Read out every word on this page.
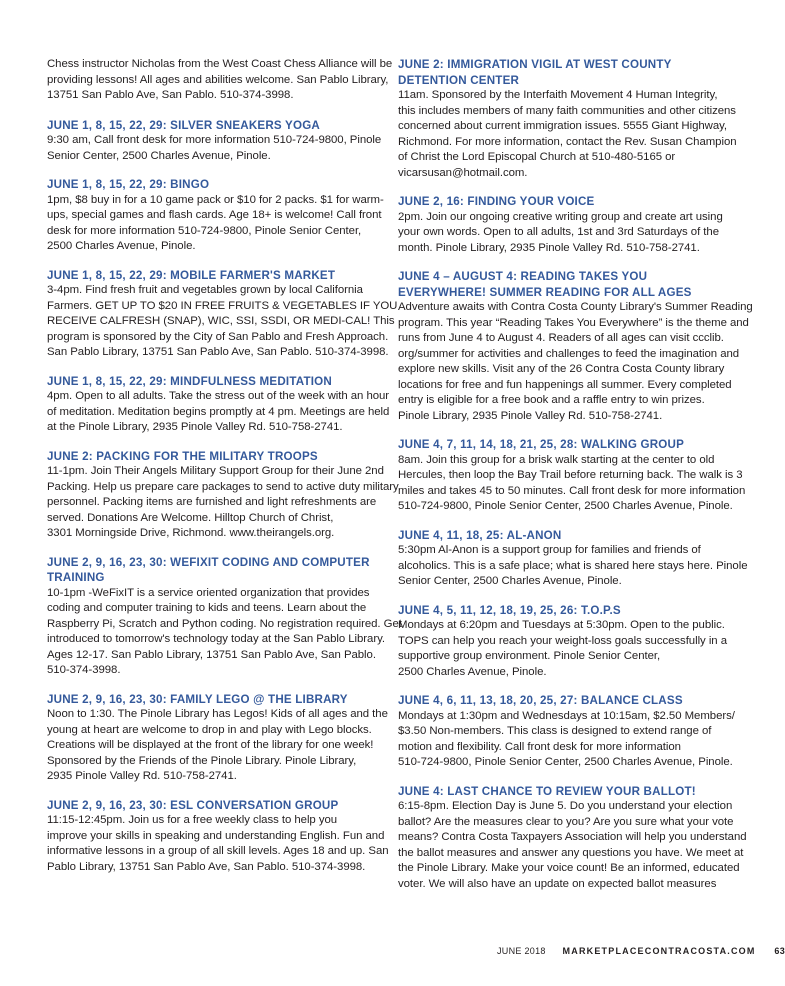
Chess instructor Nicholas from the West Coast Chess Alliance will be
providing lessons! All ages and abilities welcome. San Pablo Library,
13751 San Pablo Ave, San Pablo. 510-374-3998.
JUNE 1, 8, 15, 22, 29: SILVER SNEAKERS YOGA
9:30 am, Call front desk for more information 510-724-9800, Pinole
Senior Center, 2500 Charles Avenue, Pinole.
JUNE 1, 8, 15, 22, 29: BINGO
1pm, $8 buy in for a 10 game pack or $10 for 2 packs. $1 for warm-
ups, special games and flash cards. Age 18+ is welcome! Call front
desk for more information 510-724-9800, Pinole Senior Center,
2500 Charles Avenue, Pinole.
JUNE 1, 8, 15, 22, 29: MOBILE FARMER'S MARKET
3-4pm. Find fresh fruit and vegetables grown by local California
Farmers. GET UP TO $20 IN FREE FRUITS & VEGETABLES IF YOU
RECEIVE CALFRESH (SNAP), WIC, SSI, SSDI, OR MEDI-CAL! This
program is sponsored by the City of San Pablo and Fresh Approach.
San Pablo Library, 13751 San Pablo Ave, San Pablo. 510-374-3998.
JUNE 1, 8, 15, 22, 29: MINDFULNESS MEDITATION
4pm. Open to all adults. Take the stress out of the week with an hour
of meditation. Meditation begins promptly at 4 pm. Meetings are held
at the Pinole Library, 2935 Pinole Valley Rd. 510-758-2741.
JUNE 2: PACKING FOR THE MILITARY TROOPS
11-1pm. Join Their Angels Military Support Group for their June 2nd
Packing. Help us prepare care packages to send to active duty military
personnel. Packing items are furnished and light refreshments are
served. Donations Are Welcome. Hilltop Church of Christ,
3301 Morningside Drive, Richmond. www.theirangels.org.
JUNE 2, 9, 16, 23, 30: WEFIXIT CODING AND COMPUTER TRAINING
10-1pm -WeFixIT is a service oriented organization that provides
coding and computer training to kids and teens. Learn about the
Raspberry Pi, Scratch and Python coding. No registration required. Get
introduced to tomorrow's technology today at the San Pablo Library.
Ages 12-17. San Pablo Library, 13751 San Pablo Ave, San Pablo.
510-374-3998.
JUNE 2, 9, 16, 23, 30: FAMILY LEGO @ THE LIBRARY
Noon to 1:30. The Pinole Library has Legos! Kids of all ages and the
young at heart are welcome to drop in and play with Lego blocks.
Creations will be displayed at the front of the library for one week!
Sponsored by the Friends of the Pinole Library. Pinole Library,
2935 Pinole Valley Rd. 510-758-2741.
JUNE 2, 9, 16, 23, 30: ESL CONVERSATION GROUP
11:15-12:45pm. Join us for a free weekly class to help you
improve your skills in speaking and understanding English. Fun and
informative lessons in a group of all skill levels. Ages 18 and up. San
Pablo Library, 13751 San Pablo Ave, San Pablo. 510-374-3998.
JUNE 2: IMMIGRATION VIGIL AT WEST COUNTY DETENTION CENTER
11am. Sponsored by the Interfaith Movement 4 Human Integrity,
this includes members of many faith communities and other citizens
concerned about current immigration issues. 5555 Giant Highway,
Richmond. For more information, contact the Rev. Susan Champion
of Christ the Lord Episcopal Church at 510-480-5165 or
vicarsusan@hotmail.com.
JUNE 2, 16: FINDING YOUR VOICE
2pm. Join our ongoing creative writing group and create art using
your own words. Open to all adults, 1st and 3rd Saturdays of the
month. Pinole Library, 2935 Pinole Valley Rd. 510-758-2741.
JUNE 4 – AUGUST 4: READING TAKES YOU EVERYWHERE! SUMMER READING FOR ALL AGES
Adventure awaits with Contra Costa County Library's Summer Reading
program. This year “Reading Takes You Everywhere” is the theme and
runs from June 4 to August 4. Readers of all ages can visit ccclib.
org/summer for activities and challenges to feed the imagination and
explore new skills. Visit any of the 26 Contra Costa County library
locations for free and fun happenings all summer. Every completed
entry is eligible for a free book and a raffle entry to win prizes.
Pinole Library, 2935 Pinole Valley Rd. 510-758-2741.
JUNE 4, 7, 11, 14, 18, 21, 25, 28: WALKING GROUP
8am. Join this group for a brisk walk starting at the center to old
Hercules, then loop the Bay Trail before returning back. The walk is 3
miles and takes 45 to 50 minutes. Call front desk for more information
510-724-9800, Pinole Senior Center, 2500 Charles Avenue, Pinole.
JUNE 4, 11, 18, 25: AL-ANON
5:30pm Al-Anon is a support group for families and friends of
alcoholics. This is a safe place; what is shared here stays here. Pinole
Senior Center, 2500 Charles Avenue, Pinole.
JUNE 4, 5, 11, 12, 18, 19, 25, 26: T.O.P.S
Mondays at 6:20pm and Tuesdays at 5:30pm. Open to the public.
TOPS can help you reach your weight-loss goals successfully in a
supportive group environment. Pinole Senior Center,
2500 Charles Avenue, Pinole.
JUNE 4, 6, 11, 13, 18, 20, 25, 27: BALANCE CLASS
Mondays at 1:30pm and Wednesdays at 10:15am, $2.50 Members/
$3.50 Non-members. This class is designed to extend range of
motion and flexibility. Call front desk for more information
510-724-9800, Pinole Senior Center, 2500 Charles Avenue, Pinole.
JUNE 4: LAST CHANCE TO REVIEW YOUR BALLOT!
6:15-8pm. Election Day is June 5. Do you understand your election
ballot? Are the measures clear to you? Are you sure what your vote
means? Contra Costa Taxpayers Association will help you understand
the ballot measures and answer any questions you have. We meet at
the Pinole Library. Make your voice count! Be an informed, educated
voter. We will also have an update on expected ballot measures
JUNE 2018 MARKETPLACECONTRACOSTA.COM 63
